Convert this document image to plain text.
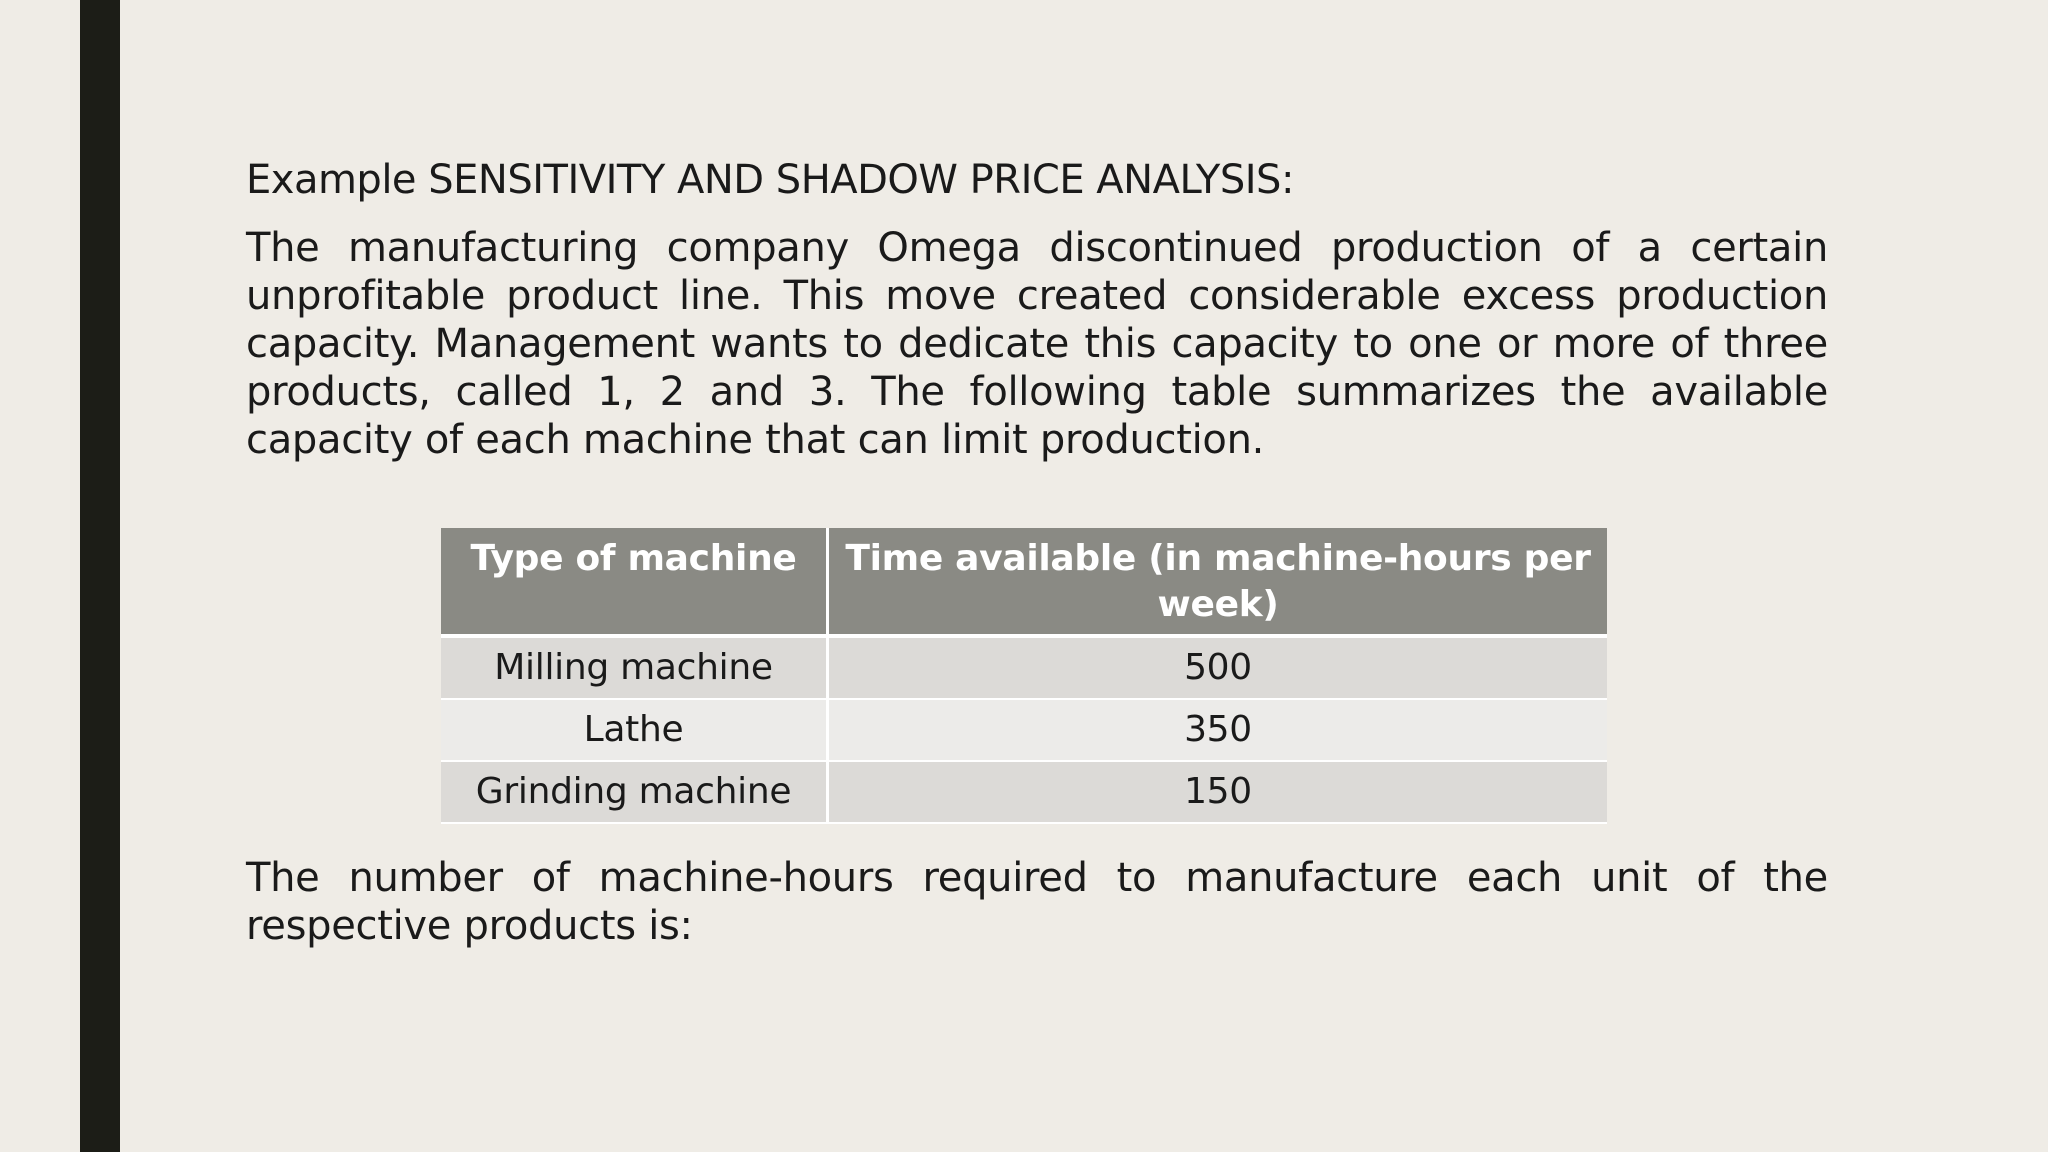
Example SENSITIVITY AND SHADOW PRICE ANALYSIS:

The manufacturing company Omega discontinued production of a certain unprofitable product line. This move created considerable excess production capacity. Management wants to dedicate this capacity to one or more of three products, called 1, 2 and 3. The following table summarizes the available capacity of each machine that can limit production.

Type of machine	Time available (in machine-hours per week)
Milling machine	500
Lathe	350
Grinding machine	150

The number of machine-hours required to manufacture each unit of the respective products is:
